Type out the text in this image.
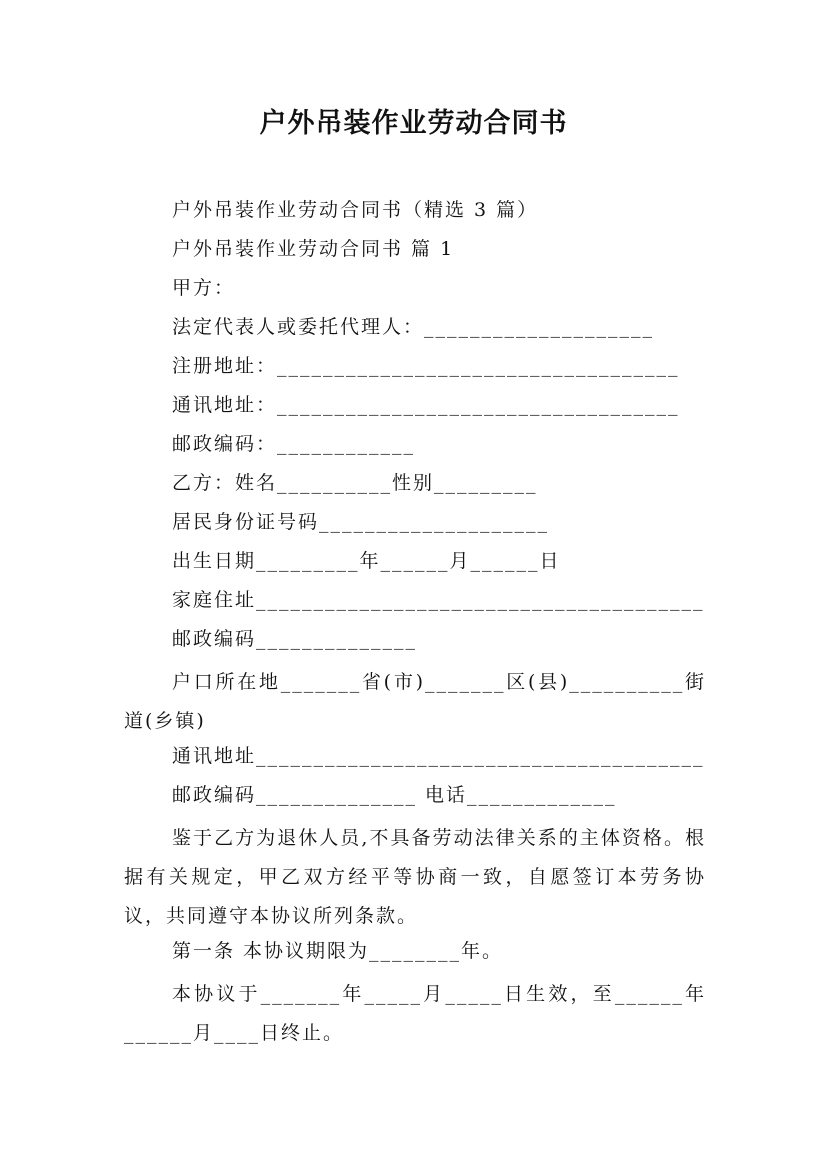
户外吊装作业劳动合同书
户外吊装作业劳动合同书（精选 3 篇）
户外吊装作业劳动合同书 篇 1
甲方：
法定代表人或委托代理人：____________________
注册地址：___________________________________
通讯地址：___________________________________
邮政编码：____________
乙方：姓名__________性别_________
居民身份证号码____________________
出生日期_________年______月______日
家庭住址_______________________________________
邮政编码______________
户口所在地_______省(市)_______区(县)__________街道(乡镇)
通讯地址_______________________________________
邮政编码______________ 电话_____________
鉴于乙方为退休人员,不具备劳动法律关系的主体资格。根据有关规定，甲乙双方经平等协商一致，自愿签订本劳务协议，共同遵守本协议所列条款。
第一条 本协议期限为________年。
本协议于_______年_____月_____日生效，至______年______月____日终止。
